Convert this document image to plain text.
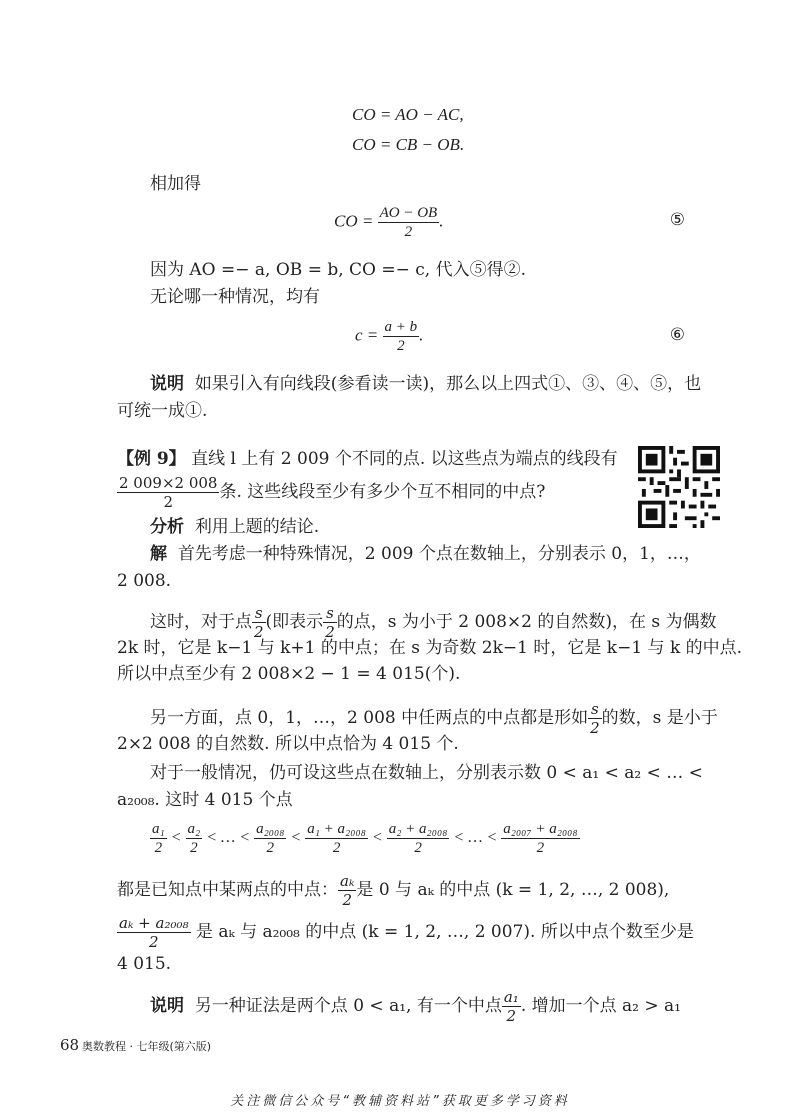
CO = AO − AC,
CO = CB − OB.
相加得
CO = $\frac{AO - OB}{2}$ .	⑤
因为 AO =− a, OB = b, CO =− c, 代入⑤得②.
无论哪一种情况，均有
$c = \frac{a + b}{2}$ .	⑥
说明 如果引入有向线段(参看读一读)，那么以上四式①、③、④、⑤，也
可统一成①.
【例 9】 直线 l 上有 2 009 个不同的点. 以这些点为端点的线段有
$\frac{2 009\times 2 008}{2}$ 条. 这些线段至少有多少个互不相同的中点?
分析 利用上题的结论.
解 首先考虑一种特殊情况，2 009 个点在数轴上，分别表示 0，1，…，
2 008.
这时，对于点 $\frac{s}{2}$ (即表示 $\frac{s}{2}$ 的点，s 为小于 2 008×2 的自然数)，在 s 为偶数
2k 时，它是 k−1 与 k+1 的中点；在 s 为奇数 2k−1 时，它是 k−1 与 k 的中点.
所以中点至少有 2 008×2 − 1 = 4 015(个).
另一方面，点 0，1，…，2 008 中任两点的中点都是形如 $\frac{s}{2}$ 的数，s 是小于
2×2 008 的自然数. 所以中点恰为 4 015 个.
对于一般情况，仍可设这些点在数轴上，分别表示数 0 < a₁ < a₂ < … <
a₂₀₀₈. 这时 4 015 个点
$\frac{\text{a₁}}{2} < \frac{\text{a₂}}{2}$ < … < $\frac{\text{a₂₀₀₈}}{2} < \frac{\text{a₁ + a₂₀₀₈}}{2} < \frac{\text{a₂ + a₂₀₀₈}}{2}$ < … < $\frac{\text{a₂₀₀₇ + a₂₀₀₈}}{2}$
都是已知点中某两点的中点： $\frac{\text{aₖ}}{2}$ 是 0 与 aₖ 的中点 (k = 1, 2, …, 2 008),
$\frac{\text{aₖ + a₂₀₀₈}}{2}$ 是 aₖ 与 a₂₀₀₈ 的中点 (k = 1, 2, …, 2 007). 所以中点个数至少是
4 015.
说明 另一种证法是两个点 0 < a₁, 有一个中点 $\frac{\text{a₁}}{2}$ . 增加一个点 a₂ > a₁
68 奥数教程 · 七年级(第六版)
关注微信公众号“教辅资料站”获取更多学习资料
